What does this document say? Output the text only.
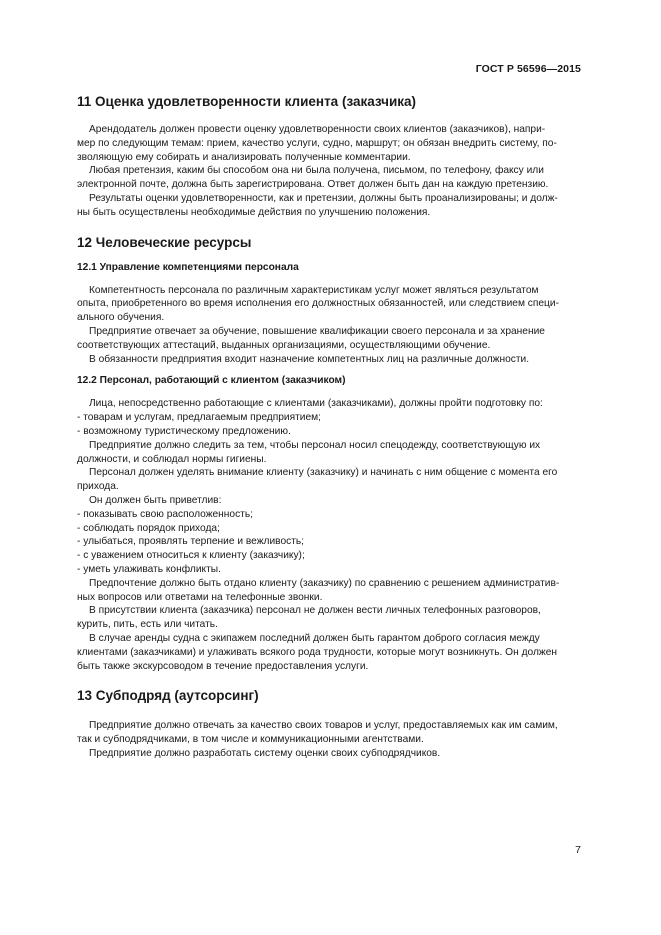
ГОСТ Р 56596—2015
11 Оценка удовлетворенности клиента (заказчика)

Арендодатель должен провести оценку удовлетворенности своих клиентов (заказчиков), напри-
мер по следующим темам: прием, качество услуги, судно, маршрут; он обязан внедрить систему, по-
зволяющую ему собирать и анализировать полученные комментарии.

Любая претензия, каким бы способом она ни была получена, письмом, по телефону, факсу или
электронной почте, должна быть зарегистрирована. Ответ должен быть дан на каждую претензию.

Результаты оценки удовлетворенности, как и претензии, должны быть проанализированы; и долж-
ны быть осуществлены необходимые действия по улучшению положения.

12 Человеческие ресурсы
12.1 Управление компетенциями персонала

Компетентность персонала по различным характеристикам услуг может являться результатом
опыта, приобретенного во время исполнения его должностных обязанностей, или следствием специ-
ального обучения.

Предприятие отвечает за обучение, повышение квалификации своего персонала и за хранение
соответствующих аттестаций, выданных организациями, осуществляющими обучение.

В обязанности предприятия входит назначение компетентных лиц на различные должности.

12.2 Персонал, работающий с клиентом (заказчиком)

Лица, непосредственно работающие с клиентами (заказчиками), должны пройти подготовку по:
- товарам и услугам, предлагаемым предприятием;
- возможному туристическому предложению.

Предприятие должно следить за тем, чтобы персонал носил спецодежду, соответствующую их
должности, и соблюдал нормы гигиены.

Персонал должен уделять внимание клиенту (заказчику) и начинать с ним общение с момента его
прихода.

Он должен быть приветлив:
- показывать свою расположенность;
- соблюдать порядок прихода;
- улыбаться, проявлять терпение и вежливость;
- с уважением относиться к клиенту (заказчику);
- уметь улаживать конфликты.

Предпочтение должно быть отдано клиенту (заказчику) по сравнению с решением административ-
ных вопросов или ответами на телефонные звонки.

В присутствии клиента (заказчика) персонал не должен вести личных телефонных разговоров,
курить, пить, есть или читать.

В случае аренды судна с экипажем последний должен быть гарантом доброго согласия между
клиентами (заказчиками) и улаживать всякого рода трудности, которые могут возникнуть. Он должен
быть также экскурсоводом в течение предоставления услуги.

13 Субподряд (аутсорсинг)

Предприятие должно отвечать за качество своих товаров и услуг, предоставляемых как им самим,
так и субподрядчиками, в том числе и коммуникационными агентствами.

Предприятие должно разработать систему оценки своих субподрядчиков.

7
